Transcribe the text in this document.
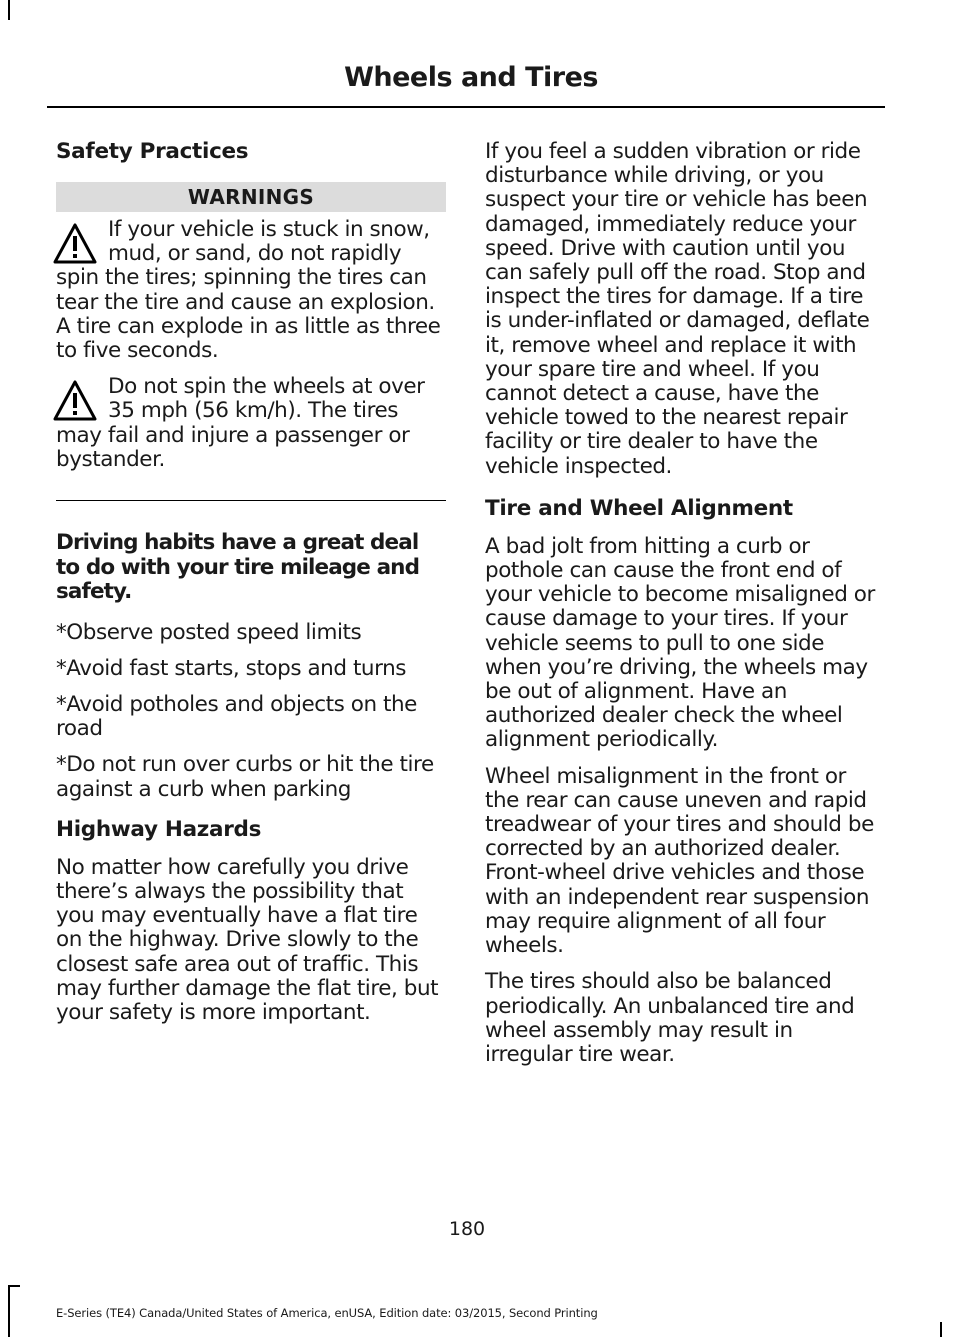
Wheels and Tires

Safety Practices

WARNINGS

If your vehicle is stuck in snow, mud, or sand, do not rapidly spin the tires; spinning the tires can tear the tire and cause an explosion. A tire can explode in as little as three to five seconds.

Do not spin the wheels at over 35 mph (56 km/h). The tires may fail and injure a passenger or bystander.

Driving habits have a great deal to do with your tire mileage and safety.

*Observe posted speed limits

*Avoid fast starts, stops and turns

*Avoid potholes and objects on the road

*Do not run over curbs or hit the tire against a curb when parking

Highway Hazards

No matter how carefully you drive there’s always the possibility that you may eventually have a flat tire on the highway. Drive slowly to the closest safe area out of traffic. This may further damage the flat tire, but your safety is more important.

If you feel a sudden vibration or ride disturbance while driving, or you suspect your tire or vehicle has been damaged, immediately reduce your speed. Drive with caution until you can safely pull off the road. Stop and inspect the tires for damage. If a tire is under-inflated or damaged, deflate it, remove wheel and replace it with your spare tire and wheel. If you cannot detect a cause, have the vehicle towed to the nearest repair facility or tire dealer to have the vehicle inspected.

Tire and Wheel Alignment

A bad jolt from hitting a curb or pothole can cause the front end of your vehicle to become misaligned or cause damage to your tires. If your vehicle seems to pull to one side when you’re driving, the wheels may be out of alignment. Have an authorized dealer check the wheel alignment periodically.

Wheel misalignment in the front or the rear can cause uneven and rapid treadwear of your tires and should be corrected by an authorized dealer. Front-wheel drive vehicles and those with an independent rear suspension may require alignment of all four wheels.

The tires should also be balanced periodically. An unbalanced tire and wheel assembly may result in irregular tire wear.

180
E-Series (TE4) Canada/United States of America, enUSA, Edition date: 03/2015, Second Printing
